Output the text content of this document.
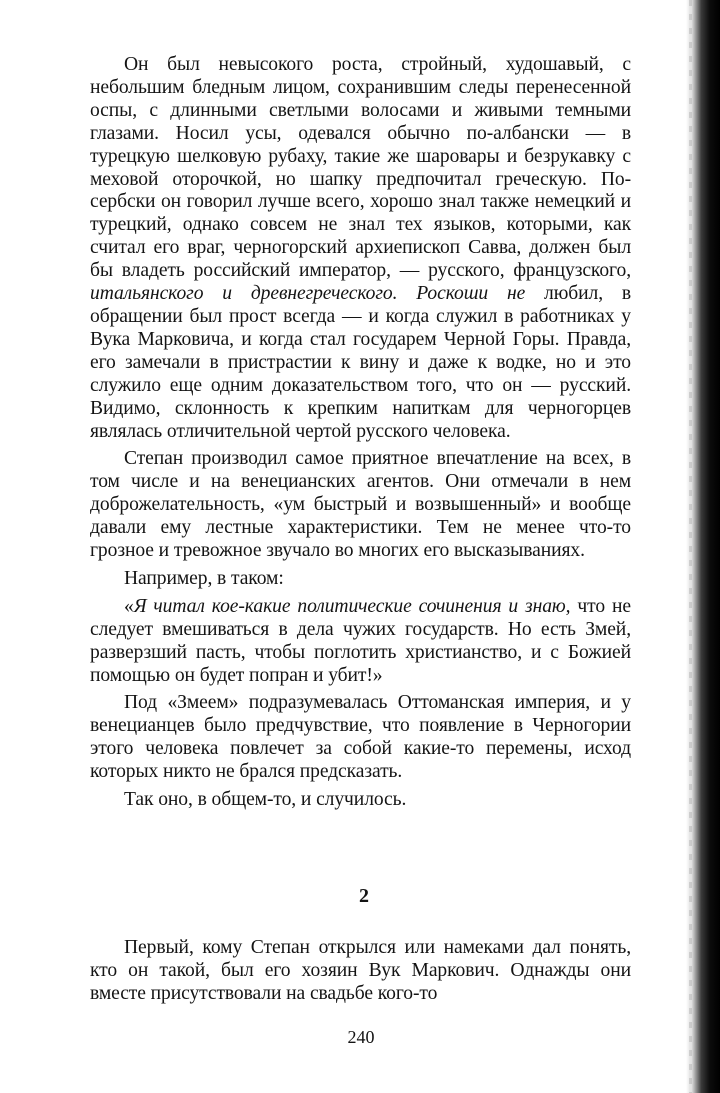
Он был невысокого роста, стройный, худошавый, с небольшим бледным лицом, сохранившим следы перенесенной оспы, с длинными светлыми волосами и живыми темными глазами. Носил усы, одевался обычно по-албански — в турецкую шелковую рубаху, такие же шаровары и безрукавку с меховой оторочкой, но шапку предпочитал греческую. По-сербски он говорил лучше всего, хорошо знал также немецкий и турецкий, однако совсем не знал тех языков, которыми, как считал его враг, черногорский архиепископ Савва, должен был бы владеть российский император, — русского, французского, итальянского и древнегреческого. Роскоши не любил, в обращении был прост всегда — и когда служил в работниках у Вука Марковича, и когда стал государем Черной Горы. Правда, его замечали в пристрастии к вину и даже к водке, но и это служило еще одним доказательством того, что он — русский. Видимо, склонность к крепким напиткам для черногорцев являлась отличительной чертой русского человека.

Степан производил самое приятное впечатление на всех, в том числе и на венецианских агентов. Они отмечали в нем доброжелательность, «ум быстрый и возвышенный» и вообще давали ему лестные характеристики. Тем не менее что-то грозное и тревожное звучало во многих его высказываниях.

Например, в таком:

«Я читал кое-какие политические сочинения и знаю, что не следует вмешиваться в дела чужих государств. Но есть Змей, разверзший пасть, чтобы поглотить христианство, и с Божией помощью он будет попран и убит!»

Под «Змеем» подразумевалась Оттоманская империя, и у венецианцев было предчувствие, что появление в Черногории этого человека повлечет за собой какие-то перемены, исход которых никто не брался предсказать.

Так оно, в общем-то, и случилось.

2

Первый, кому Степан открылся или намеками дал понять, кто он такой, был его хозяин Вук Маркович. Однажды они вместе присутствовали на свадьбе кого-то

240
